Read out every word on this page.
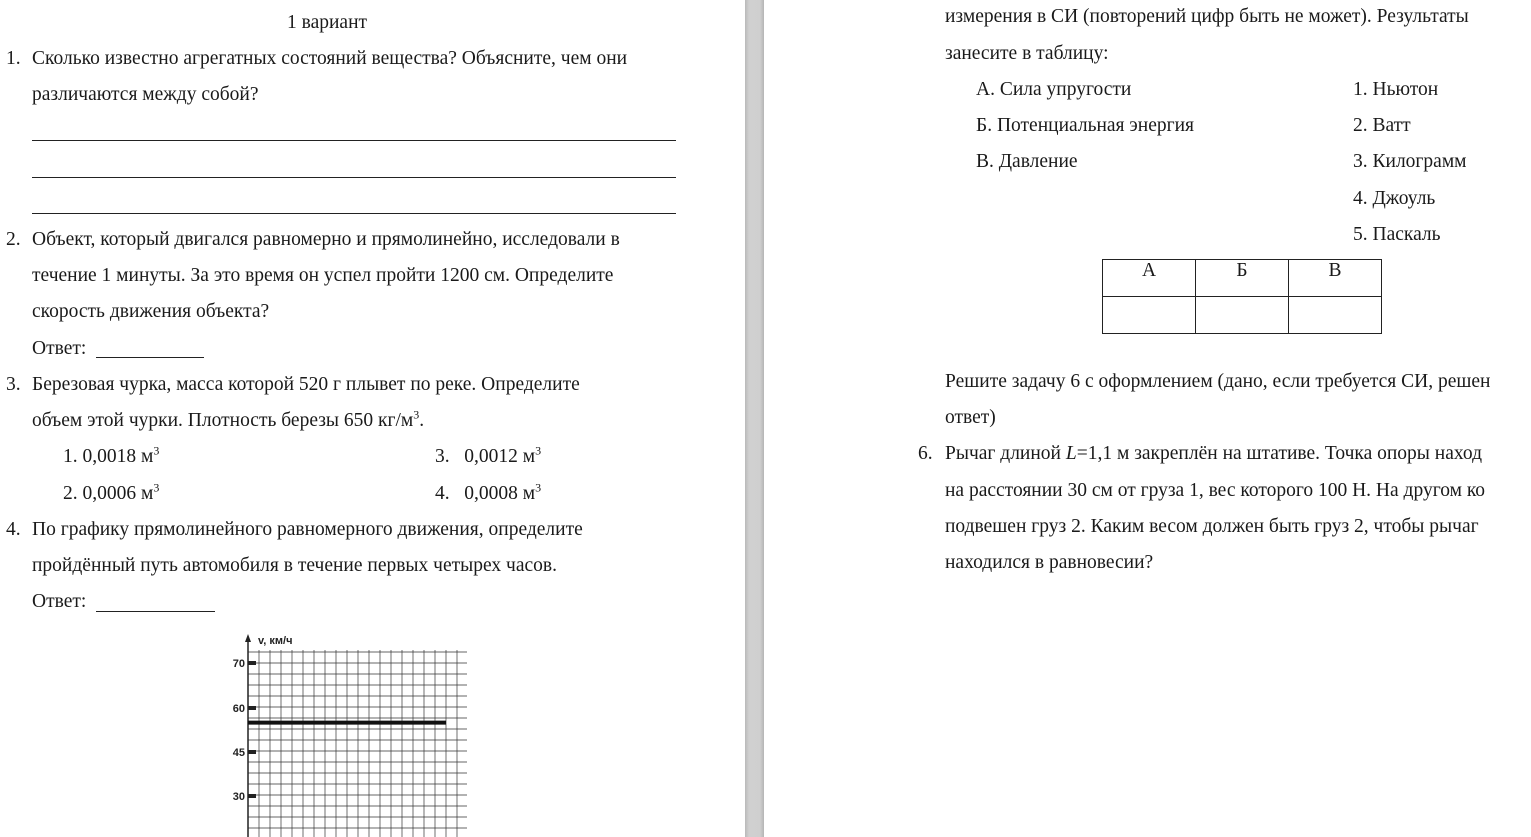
1 вариант
1. Сколько известно агрегатных состояний вещества? Объясните, чем они
различаются между собой?
2. Объект, который двигался равномерно и прямолинейно, исследовали в
течение 1 минуты. За это время он успел пройти 1200 см. Определите
скорость движения объекта?
Ответ:
3. Березовая чурка, масса которой 520 г плывет по реке. Определите
объем этой чурки. Плотность березы 650 $кг/м^3$.
1. 0,0018 $м^3$
2. 0,0006 $м^3$
3. 0,0012 $м^3$
4. 0,0008 $м^3$
4. По графику прямолинейного равномерного движения, определите
пройдённый путь автомобиля в течение первых четырех часов.
Ответ:
v, км/ч
30
45
60
70
измерения в СИ (повторений цифр быть не может). Результаты
занесите в таблицу:
А. Сила упругости
Б. Потенциальная энергия
В. Давление
1. Ньютон
2. Ватт
3. Килограмм
4. Джоуль
5. Паскаль
А	Б	В

Решите задачу 6 с оформлением (дано, если требуется СИ, решен
ответ)
6. Рычаг длиной L=1,1 м закреплён на штативе. Точка опоры наход
на расстоянии 30 см от груза 1, вес которого 100 Н. На другом ко
подвешен груз 2. Каким весом должен быть груз 2, чтобы рычаг
находился в равновесии?
